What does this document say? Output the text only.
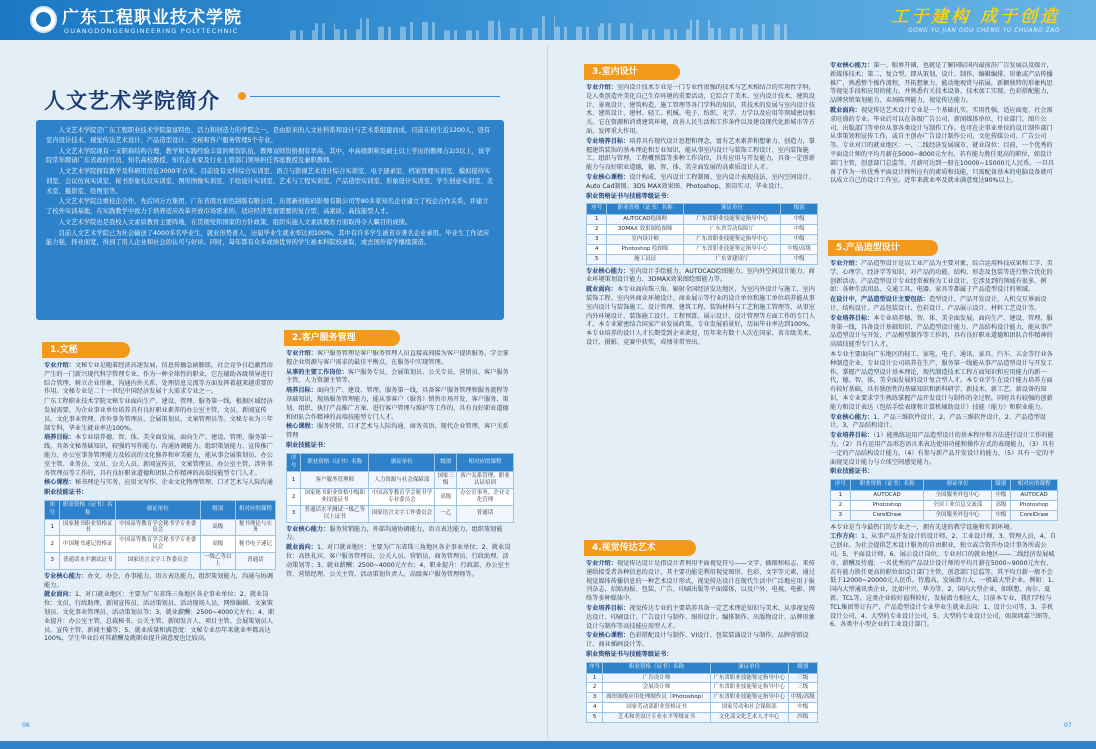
广东工程职业技术学院
GUANGDONGENGINEERING POLYTECHNIC
工于建构 成于创造
GONG YU JIAN GOU CHENG YU CHUANG ZAO
人文艺术学院简介

人文艺术学院是广东工程职业技术学院最富特色、活力和创造力的学院之一，是由原来的人文社科系和设计与艺术系组建而成。目前在校生近1200人，设有室内设计技术、视觉传达艺术设计、产品造型设计、文秘和客户服务管理5个专业。

人文艺术学院现有一支职称结构合理、教学和实践经验丰富的师资队伍，教师双师资格拥有率高，其中，中高级职称及硕士以上学历的教师占2/3以上，该学院常年聘请广东省政府官员、知名高校教授、知名企业家及行业主管部门领导担任客座教授及兼职教师。

人文艺术学院拥有教学及科研用房近3000平方米，目前设有文科综合实训室、语言与影视艺术设计综合实训室、电子速录室、档案管理实训室、模拟接待实训室、会议仿真实训室、秘书形象礼仪实训室、图形图像实训室、手绘设计实训室、艺术与工程实训室、产品造型实训室、形象设计实训室、学生创意实训室、美术室、摄影室、绘图室等。

人文艺术学院注重校企合作，先后同万方集团、广东省南方彩色制版有限公司、东莞新创锐码影像有限公司等80多家知名企业建立了校企合作关系，并建立了校外实训基地，在实践教学中致力于培养适应改革开放市场需求的、适应经济发展需要的复合型、高素质、高技能型人才。

人文艺术学院也是我校人文素质教育主要阵地，在贯彻党和国家的方针政策、组织实施人文素质教育方面取得令人瞩目的成绩。

目前人文艺术学院已为社会输送了4000多名毕业生，就业形势喜人，历届毕业生就业率达到100%。其中有许多学生被省市著名企业录用。毕业生工作适应能力强，择业面宽，得到了用人企业和社会的认可与好评。同时，每年都有众多成绩优异的学生被本科院校录取，或去国外留学继续深造。

1.文秘

专业介绍：文秘专业是随着经济高速发展，信息传播急剧膨胀，社会竞争日趋激烈而产生的一门新兴现代科学管理专业。作为一种全球性的职业，它在辅助各级领导进行综合管理、树立企业形象、沟通内外关系、处理信息交流等方面发挥着越来越重要的作用。文秘专业是二十一世纪中国经济发展十大需求专业之一。

广东工程职业技术学院文秘专业面向生产、建设、管理、服务第一线，根据区域经济发展需要，为企业事业单位培养具有良好职业素养的办公室主管、文员、新闻宣传员、文化事业管理、涉外事务管理员、会展策划员、文案管理员等。文秘专业为三年制专科，毕业生就业率达100%。

培养目标：本专业培养德、智、体、美全面发展，面向生产、建设、管理、服务第一线，具备文秘基础知识，较强的写作能力、沟通协调能力、组织策划能力、宣传推广能力、办公室事务管理能力及较高的文化修养和审美能力，能从事会展策划员、办公室主管、业务员、文员、公关人员、新闻宣传员、文案管理员、办公室主管、涉外事务管理员等工作的，具有良好职业道德和团队合作精神的高端技能型专门人才。

核心课程：秘书理论与实务、应用文写作、企业文化物理管理、口才艺术与人际沟通

职业技能证书：
序号	职业资格（证书）名称	颁证单位	级别	相对应的课程
1	国家秘书职业资格证书	中国高等教育学会秘书学专业委员会	高级	秘书理论与实务
2	中国秘书速记资格证	中国高等教育学会秘书学专业委员会	高级	秘书电子速记
3	普通话水平测试证书	国家语言文字工作委员会	一级乙等以上	普通话

专业核心能力：办文、办会、办事能力，语言表达能力，组织策划能力，沟通与协调能力。

就业面向：1、对口就业地区：主要为广东省珠三角地区各企事业单位；2、就业岗位：文员、行政助理、新闻宣传员、活动策划员、活动现场人员、网络编辑、文案策划员、文化事业管理员、活动策划员等；3、就业薪酬：2500~4000元左右；4、职业提升：办公室主管、总裁秘书、公关主管、新闻发言人、项目主管、会展策划员人员、宣传主管、新闻主播等；5、就业质量和满意度：文秘专业历年来就业率都高达100%，学生毕业后对其薪酬及就职业提升满意度也比较高。

2.客户服务管理

专业介绍：客户服务管理是客户服务管理人员直接或间接为客户提供服务，学会掌握企业资源与客户需求的最佳平衡点，在服务中实现管理。

从事的主要工作岗位：客户服务专员、会展策划员、公关专员、营销员、客户服务主管、人力资源主管等。

培养目标：面向生产、建设、管理、服务第一线，具备客户服务管理和服务流程等基础知识，现场服务管理能力，能从事客户（服务）销售市场开发、客户服务、策划、组织、执行产品推广方案、进行客户管理与维护等工作的，具有良好职业道德和团队合作精神的高端技能型专门人才。

核心课程：服务营销、口才艺术与人际沟通、商务英语、现代企业管理、客户关系管理

职业技能证书：
序号	职业资格（证书）名称	颁证单位	级别	相对应的课程
1	客户服务管理师	人力资源与社会保障部	国家三级	客户关系管理、职业认证培训
2	国家秘书职业资格中级职业技能证书	中国高等教育学会秘书学专业委员会	高级	办公室事务、企业文化管理
3	普通话水平测试一级乙等以上证书	国家语言文字工作委员会	一乙	普通话

专业核心能力：服务营销能力，外部沟通协调能力，语言表达能力，组织策划能力。

就业面向：1、对口就业地区：主要为广东省珠三角地区各企事业单位；2、就业岗位：高铁礼宾、客户服务管理员、公关人员、营销员、商务管理员、行政助理、活动策划等；3、就业薪酬：2500~4000元左右；4、职业提升：行政部、办公室主管、营销经理、公关主管、活动策划负责人、高级客户服务管理师等。

3.室内设计

专业介绍：室内设计技术专业是一门专业性很强的技术与艺术相结合的实用性学科，是人类创造并美化自己生存环境的重要活动，它综合了美术、室内设计技术、建筑设计、景观设计、建筑构造、施工管理等各门学科的知识，其技术的发展与室内设计技术、建筑设计、建材、轻工、机械、电子、纺织、光学、力学以及应用等领域密切相关。它在资源和消费建筑环境，改善人民生活和工作条件以及建设现代化新城市等方面，发挥重大作用。

专业培养目标：培养具有现代设计思想和理念，富有艺术素养和想象力、创造力，掌握建筑装饰的基本理论和专业知识，能从事室内设计与装饰工程设计、室内装饰施工、组织与管理，工程概预算等多种工作岗位，具有应用与开发能力，具备一定创新能力与良好职业道德，德、智、体、美全面发展的高素质设计人才。

专业核心课程：设计构成、室内设计工程制图、室内设计表现技法、室内空间设计、Auto Cad制图、3DS MAX效果图、Photoshop、顶岗实习、毕业设计。

职业资格证书与技能等级证书：
序号	职业资格（证书）名称	颁证单位	级别
1	AUTOCAD绘图师	广东省职业技能鉴定指导中心	中级
2	3DMAX 效果图绘图师	广东省劳动保障厅	中级
3	室内设计师	广东省职业技能鉴定指导中心	中级
4	Photoshop 绘图师	广东省职业技能鉴定指导中心	中级/高级
5	施工员证	广东省建设厅	中级

专业核心能力：室内设计手绘能力、AUTOCAD绘图能力、室内外空间设计能力、商业环境策划设计能力、3DMAX效果图绘图能力等。

就业面向：本专业面向珠三角、辐射全国经济发达地区，为室内外设计与施工、室内装饰工程、室内外商业环境设计、商业展示等行业的设计单位和施工单位培养能从事室内设计与装饰施工、设计管理、建筑工程、装饰材料与工艺和施工管理等，从事室内外环境设计、装饰施工设计、工程预算、展示设计、设计管理等方面工作的专门人才。本专业紧密结合国家产业发展政策，专业发展前景好，历届毕业率达到100%。本专业培养的设计人才长期受到企业欢迎，历年来有数十人次在国家、省市级美术、设计、摄影、竞赛中获奖，成绩非常突出。

4.视觉传达艺术

专业介绍：视觉传达设计是指设计者利用平面视觉符号——文字、插图和标志，来传递给接受者各种信息的设计，其主要功能是利用视觉图形、色彩、文字等元素，通过视觉媒体传播信息的一种艺术设计形式，视觉传达设计在现代生活中广泛地应用于报刊杂志、招贴海报、包装、广告、印刷出版等平面媒体，以及户外、电视、电影、网络等多种媒体中。

专业培养目标：视觉传达专业的主要培养具备一定艺术理论知识与美术、从事视觉传达设计、印刷设计、广告设计与制作、图形设计、编排制作、出版物设计、品牌形象设计与制作等高技能应用型人才。

专业核心课程：色彩搭配设计与制作、VI设计、包装装潢设计与制作、品牌营销设计、商业插画设计等。

职业资格证书与技能等级证书：
序号	职业资格（证书）名称	颁证单位	级别
1	广告设计师	广东省职业技能鉴定指导中心	三级
2	会展设计师	广东省职业技能鉴定指导中心	三级
3	图形图像应用处理制作员（Photoshop）	广东省职业技能鉴定指导中心	中级/高级
4	国家劳动部职业资格证书	国家劳动和社会保障部	中级
5	艺术和美设计专业水平等级证书	文化部文化艺术人才中心	四级

专业核心能力：第一、眼界开阔，也就是了解国际国内最前沿广告发展以及媒介，新媒体技术；第二，复合型，即从策划、设计、制作、编辑编排、形象或产品传播推广，熟悉整个操作流程，开拓想象力，能动地观赏与拓展，新颖独特的形象构思等视觉手段和应用的能力，并熟悉有关技术设备、技术加工实现。色彩搭配能力，品牌营销策划能力、卖场陈列能力，视觉传达能力。

就业面向：视觉传达艺术设计专业是一个基础扎实，实用性强，适应面宽、社会需求旺盛的专业。毕业后可以在各级广告公司、新闻媒体单位、行业部门、图片公司、出版部门等单位从事各类设计与制作工作。也可在企事业单位的设计制作部门从事策划和宣传工作，或自主创办广告设计制作公司、文化传媒公司、广告公司等。专业对口的就业地区：一、二线经济发展城市，就业岗位：目前，一个优秀的平面设计师的平均月薪在5000~8000元左右，若有能力胜任更高的职位，如设计部门主管，创意部门总监等，月薪可达到一般在10000~15000元人民币。一旦具备了作为一位优秀平面设计师所应有的素质和技能，只需配备基本的电脑设备就可以成立自己的设计工作室。近年来就业率及就业满意度达90%以上。

5.产品造型设计

专业介绍：产品造型设计是以工业产品为主要对象，综合运用科技成果和工学、美学、心理学、经济学等知识，对产品的功能、结构、形态及包装等进行整合优化的创新活动。产品造型设计专业经常被称为工业设计，它涉及到的领域有很多，例如：各种生活用品、交通工具、电器、家具等都属于产品造型设计的领域。

在设计中，产品造型设计主要包括：造型设计，产品开发设计，人机交互界面设计、结构设计、产品包装设计、色彩设计、产品展示设计、材料工艺设计等。

专业培养目标：本专业培养德、智、体、美全面发展，面向生产、建设、管理、服务第一线，具备设计基础知识、产品造型设计能力、产品结构设计能力，能从事产品造型设计与开发、产品模型制作等工作的，具有良好职业道德和团队合作精神的高端技能型专门人才。

本专业主要面向广东地区的轻工、家电、电子、通讯、家具、汽车、五金等行业各种制造企业、专业设计公司培养在生产、服务第一线能从事产品造型设计与开发工作，掌握产品造型设计基本理论，现代制造技术工程方面知识和应用能力的新一代，德、智、体、美全面发展的设计复合型人才。本专业学生在设计能力培养方面有较好基础，具有独创性的基础知识和新科研学、新技术、新工艺、新设备的知识，本专业要求学生熟练掌握产品开发设计与制作的全过程，同时具有较强的创新能力和设计表达（包括手绘表现和计算机辅助设计）技能（能力）和职业能力。

专业核心能力：1、产品三维软件设计，2、产品三维软件设计，2、产品造型设计，3、产品结构设计。

专业培养目标：（1）能熟练运用产品造型设计的基本程序和方法进行设计工作的能力，（2）具有运用产品形态语言来表达使用功能和操作方式的表现能力，（3）具有一定的产品结构设计能力，（4）有参与新产品开发设计的能力，（5）具有一定的平面视觉设计能力与立体空间感觉能力。

职业技能证书：
序号	职业资格（证书）名称	颁证单位	级别	相对应的课程
1	AUTOCAD	全国服务外包中心	中级	AUTOCAD
2	Photoshop	全国工业信息交流部	高级	Photoshop
3	CorelDraw	全国服务外包中心	中级	CorelDraw

本专业是当今最热门的专业之一，拥有先进的教学设施和实训环境。

工作方向：1、从事产品开发设计的设计师，2、工业设计师，3、管理人员，4、自己创业。为社会提供艺术设计服务的自由职业，独立或合资开办设计事务所或公司。5、平面设计师，6、展示设计岗位，专业对口的就业地区——二线经济发展城市，薪酬及待遇：一名优秀的产品设计设计师的平均月薪在5000~9000元左右，若有能力胜任更高的职位如设计部门主管，创意部门总监等，其平均月薪一般不会低于12000~20000元人民币。待遇高，发展潜力大，一般最大型企业，例如：1、国内大型通讯类企业，比如中兴、华为等，2、国内大型企业，如联想、海尔、夏新、TCL等，这类企业较好福利较好，发展潜力相应大，目前本专业，我们学校与TCL集团签订有产、产品造型设计专业毕业生就业去向：1、设计公司等，3、手机设计公司，4、大型的专业设计公司，5、大型的专业设计公司，如深圳嘉兰图等，6、各类中小型企业的工业设计部门。

06	07
